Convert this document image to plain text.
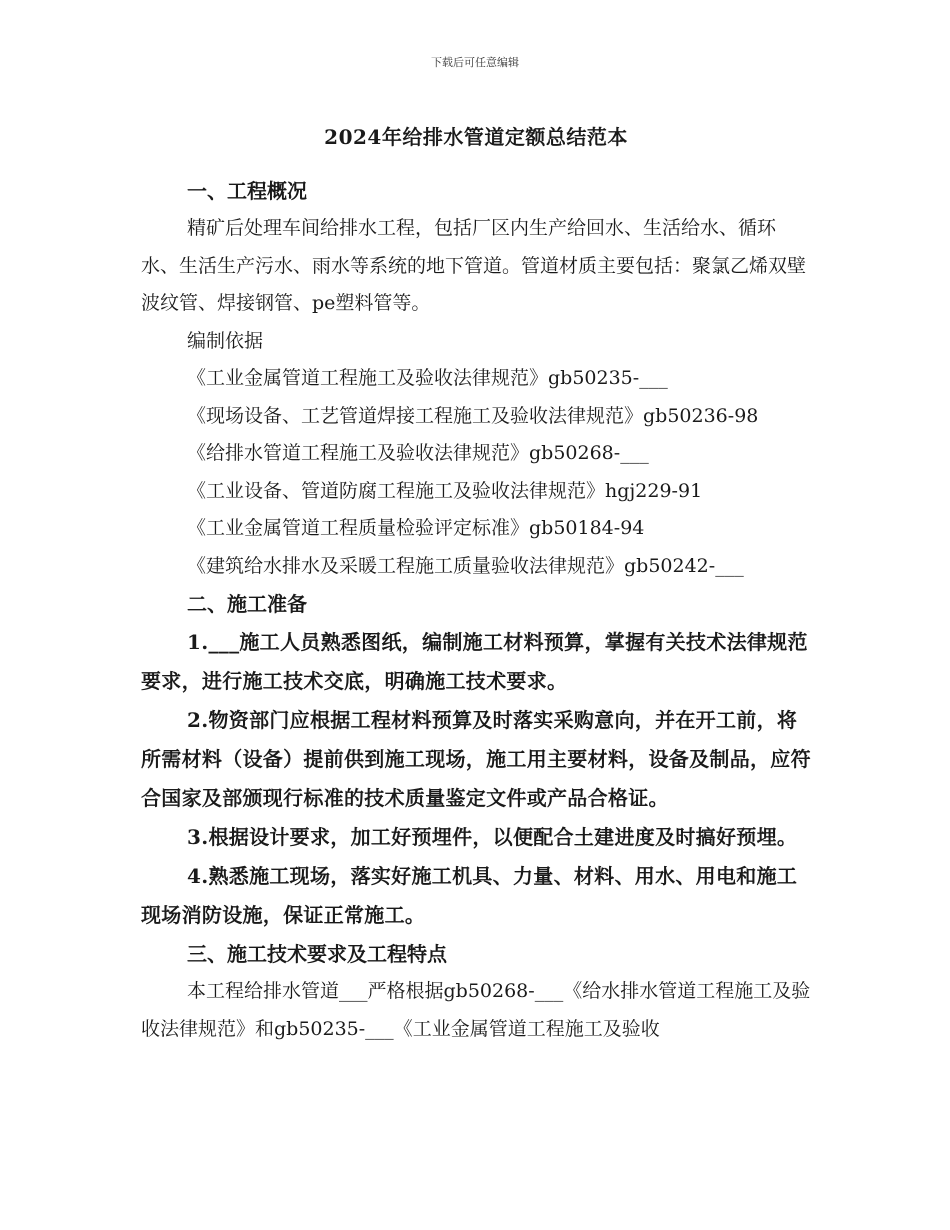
下载后可任意编辑
2024年给排水管道定额总结范本

一、工程概况

精矿后处理车间给排水工程，包括厂区内生产给回水、生活给水、循环水、生活生产污水、雨水等系统的地下管道。管道材质主要包括：聚氯乙烯双壁波纹管、焊接钢管、pe塑料管等。

编制依据

《工业金属管道工程施工及验收法律规范》gb50235-___

《现场设备、工艺管道焊接工程施工及验收法律规范》gb50236-98

《给排水管道工程施工及验收法律规范》gb50268-___

《工业设备、管道防腐工程施工及验收法律规范》hgj229-91

《工业金属管道工程质量检验评定标准》gb50184-94

《建筑给水排水及采暖工程施工质量验收法律规范》gb50242-___

二、施工准备

1.___施工人员熟悉图纸，编制施工材料预算，掌握有关技术法律规范要求，进行施工技术交底，明确施工技术要求。

2.物资部门应根据工程材料预算及时落实采购意向，并在开工前，将所需材料（设备）提前供到施工现场，施工用主要材料，设备及制品，应符合国家及部颁现行标准的技术质量鉴定文件或产品合格证。

3.根据设计要求，加工好预埋件，以便配合土建进度及时搞好预埋。

4.熟悉施工现场，落实好施工机具、力量、材料、用水、用电和施工现场消防设施，保证正常施工。

三、施工技术要求及工程特点

本工程给排水管道___严格根据gb50268-___《给水排水管道工程施工及验收法律规范》和gb50235-___《工业金属管道工程施工及验收
